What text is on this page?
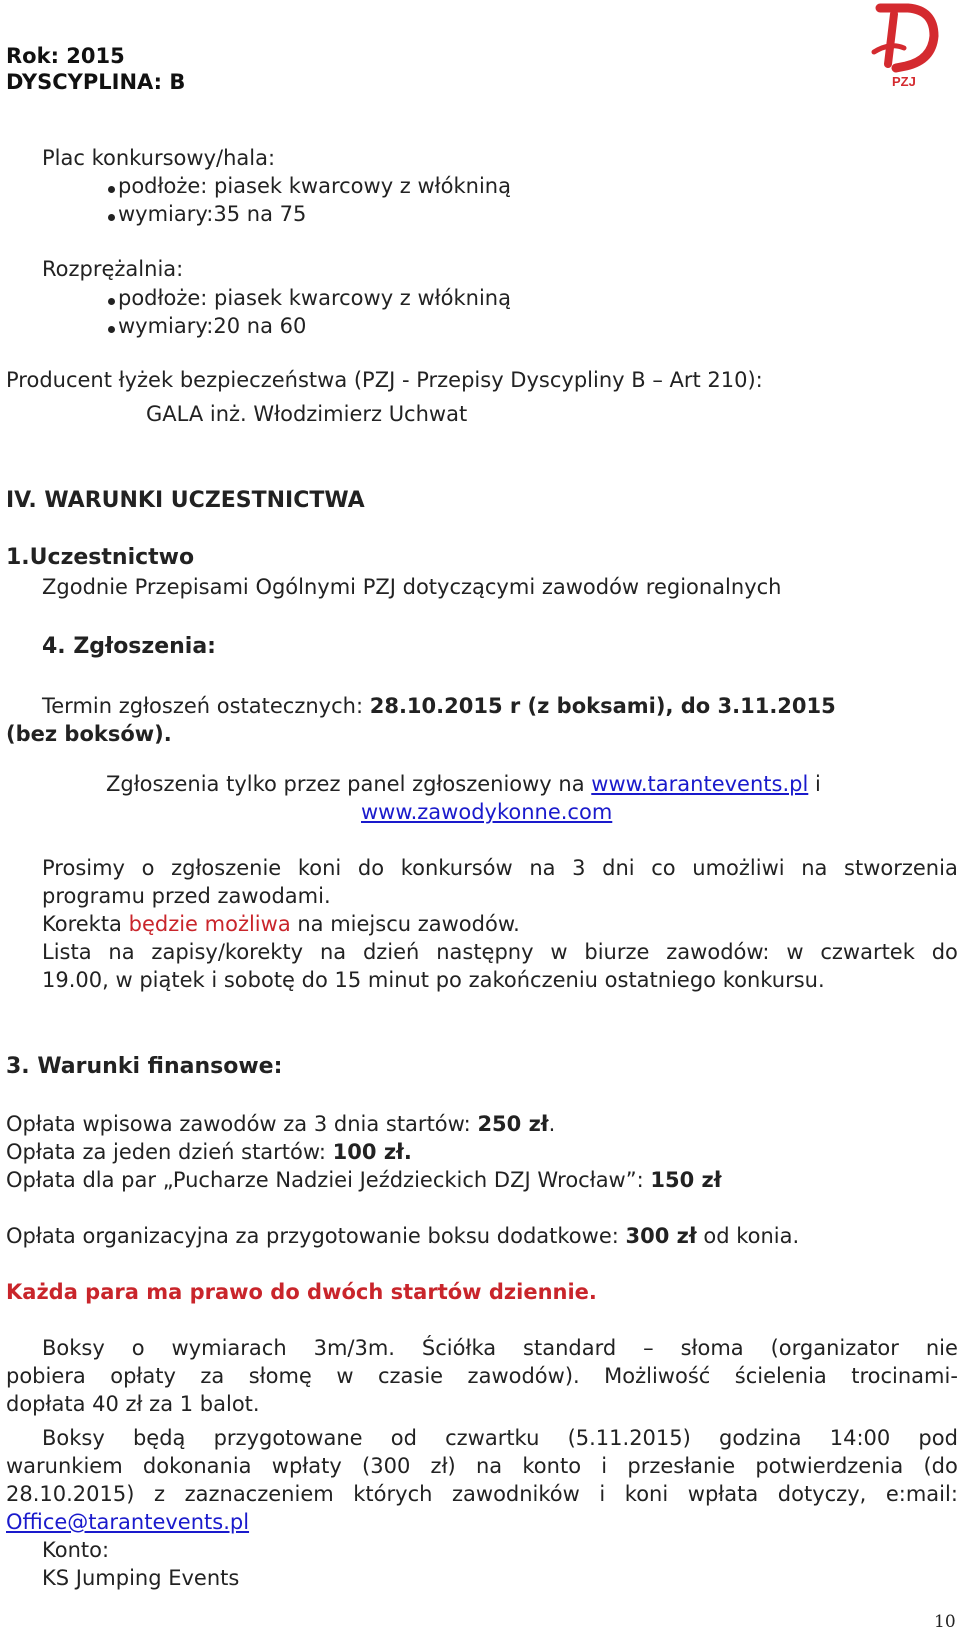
Rok: 2015
DYSCYPLINA: B	PZJ
Plac konkursowy/hala:
podłoże: piasek kwarcowy z włókniną
wymiary:35 na 75
Rozprężalnia:
podłoże: piasek kwarcowy z włókniną
wymiary:20 na 60
Producent łyżek bezpieczeństwa (PZJ - Przepisy Dyscypliny B – Art 210):
GALA inż. Włodzimierz Uchwat
IV. WARUNKI UCZESTNICTWA
1.Uczestnictwo
Zgodnie Przepisami Ogólnymi PZJ dotyczącymi zawodów regionalnych
4. Zgłoszenia:
Termin zgłoszeń ostatecznych: 28.10.2015 r (z boksami), do 3.11.2015
(bez boksów).
Zgłoszenia tylko przez panel zgłoszeniowy na www.tarantevents.pl i
www.zawodykonne.com
Prosimy o zgłoszenie koni do konkursów na 3 dni co umożliwi na stworzenia
programu przed zawodami.
Korekta będzie możliwa na miejscu zawodów.
Lista na zapisy/korekty na dzień następny w biurze zawodów: w czwartek do
19.00, w piątek i sobotę do 15 minut po zakończeniu ostatniego konkursu.
3. Warunki finansowe:
Opłata wpisowa zawodów za 3 dnia startów: 250 zł.
Opłata za jeden dzień startów: 100 zł.
Opłata dla par „Pucharze Nadziei Jeździeckich DZJ Wrocław”: 150 zł
Opłata organizacyjna za przygotowanie boksu dodatkowe: 300 zł od konia.
Każda para ma prawo do dwóch startów dziennie.
Boksy o wymiarach 3m/3m. Ściółka standard – słoma (organizator nie
pobiera opłaty za słomę w czasie zawodów). Możliwość ścielenia trocinami-
dopłata 40 zł za 1 balot.
Boksy będą przygotowane od czwartku (5.11.2015) godzina 14:00 pod
warunkiem dokonania wpłaty (300 zł) na konto i przesłanie potwierdzenia (do
28.10.2015) z zaznaczeniem których zawodników i koni wpłata dotyczy, e:mail:
Office@tarantevents.pl
Konto:
KS Jumping Events
10
